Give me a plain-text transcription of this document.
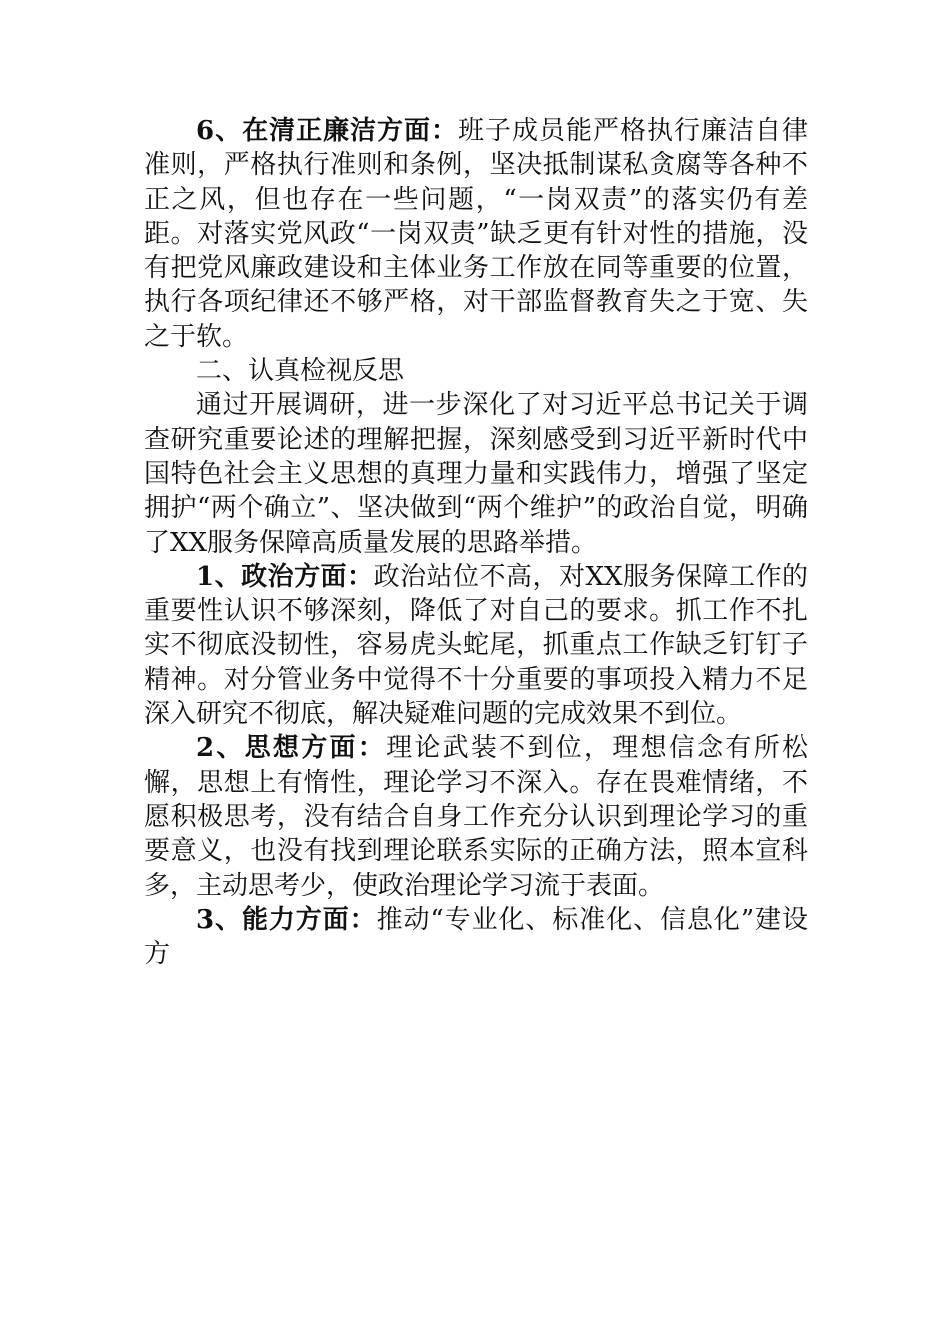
6、在清正廉洁方面：班子成员能严格执行廉洁自律准则，严格执行准则和条例，坚决抵制谋私贪腐等各种不正之风，但也存在一些问题，“一岗双责”的落实仍有差距。对落实党风政“一岗双责”缺乏更有针对性的措施，没有把党风廉政建设和主体业务工作放在同等重要的位置，执行各项纪律还不够严格，对干部监督教育失之于宽、失之于软。

二、认真检视反思

通过开展调研，进一步深化了对习近平总书记关于调查研究重要论述的理解把握，深刻感受到习近平新时代中国特色社会主义思想的真理力量和实践伟力，增强了坚定拥护“两个确立”、坚决做到“两个维护”的政治自觉，明确了XX服务保障高质量发展的思路举措。

1、政治方面：政治站位不高，对XX服务保障工作的重要性认识不够深刻，降低了对自己的要求。抓工作不扎实不彻底没韧性，容易虎头蛇尾，抓重点工作缺乏钉钉子精神。对分管业务中觉得不十分重要的事项投入精力不足深入研究不彻底，解决疑难问题的完成效果不到位。

2、思想方面：理论武装不到位，理想信念有所松懈，思想上有惰性，理论学习不深入。存在畏难情绪，不愿积极思考，没有结合自身工作充分认识到理论学习的重要意义，也没有找到理论联系实际的正确方法，照本宣科多，主动思考少，使政治理论学习流于表面。

3、能力方面：推动“专业化、标准化、信息化”建设方
